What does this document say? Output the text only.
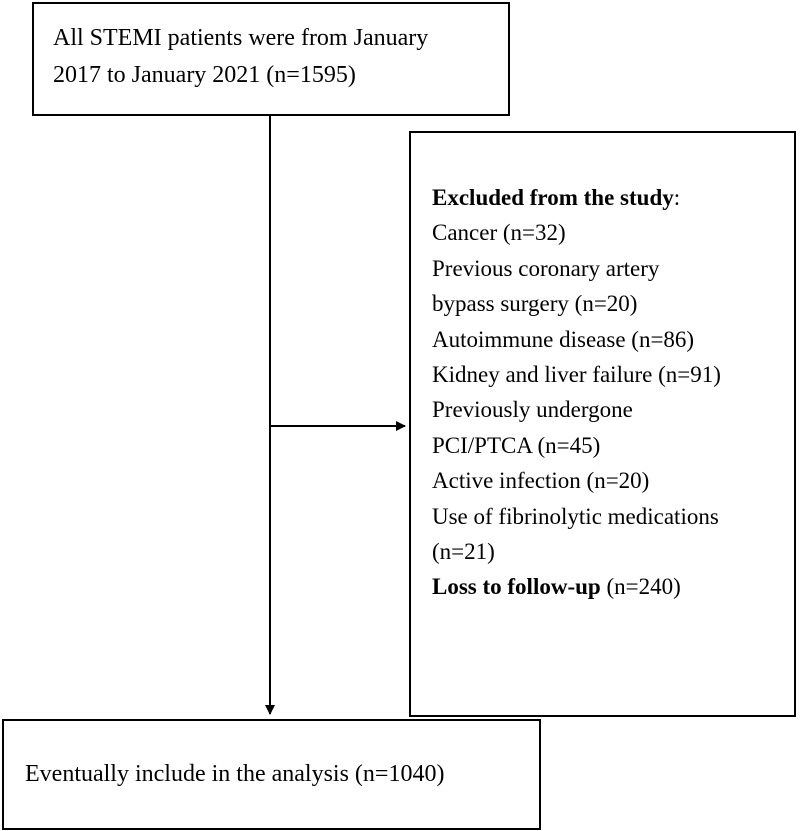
All STEMI patients were from January
2017 to January 2021 (n=1595)
Excluded from the study:
Cancer (n=32)
Previous coronary artery
bypass surgery (n=20)
Autoimmune disease (n=86)
Kidney and liver failure (n=91)
Previously undergone
PCI/PTCA (n=45)
Active infection (n=20)
Use of fibrinolytic medications
(n=21)
Loss to follow-up (n=240)
Eventually include in the analysis (n=1040)
